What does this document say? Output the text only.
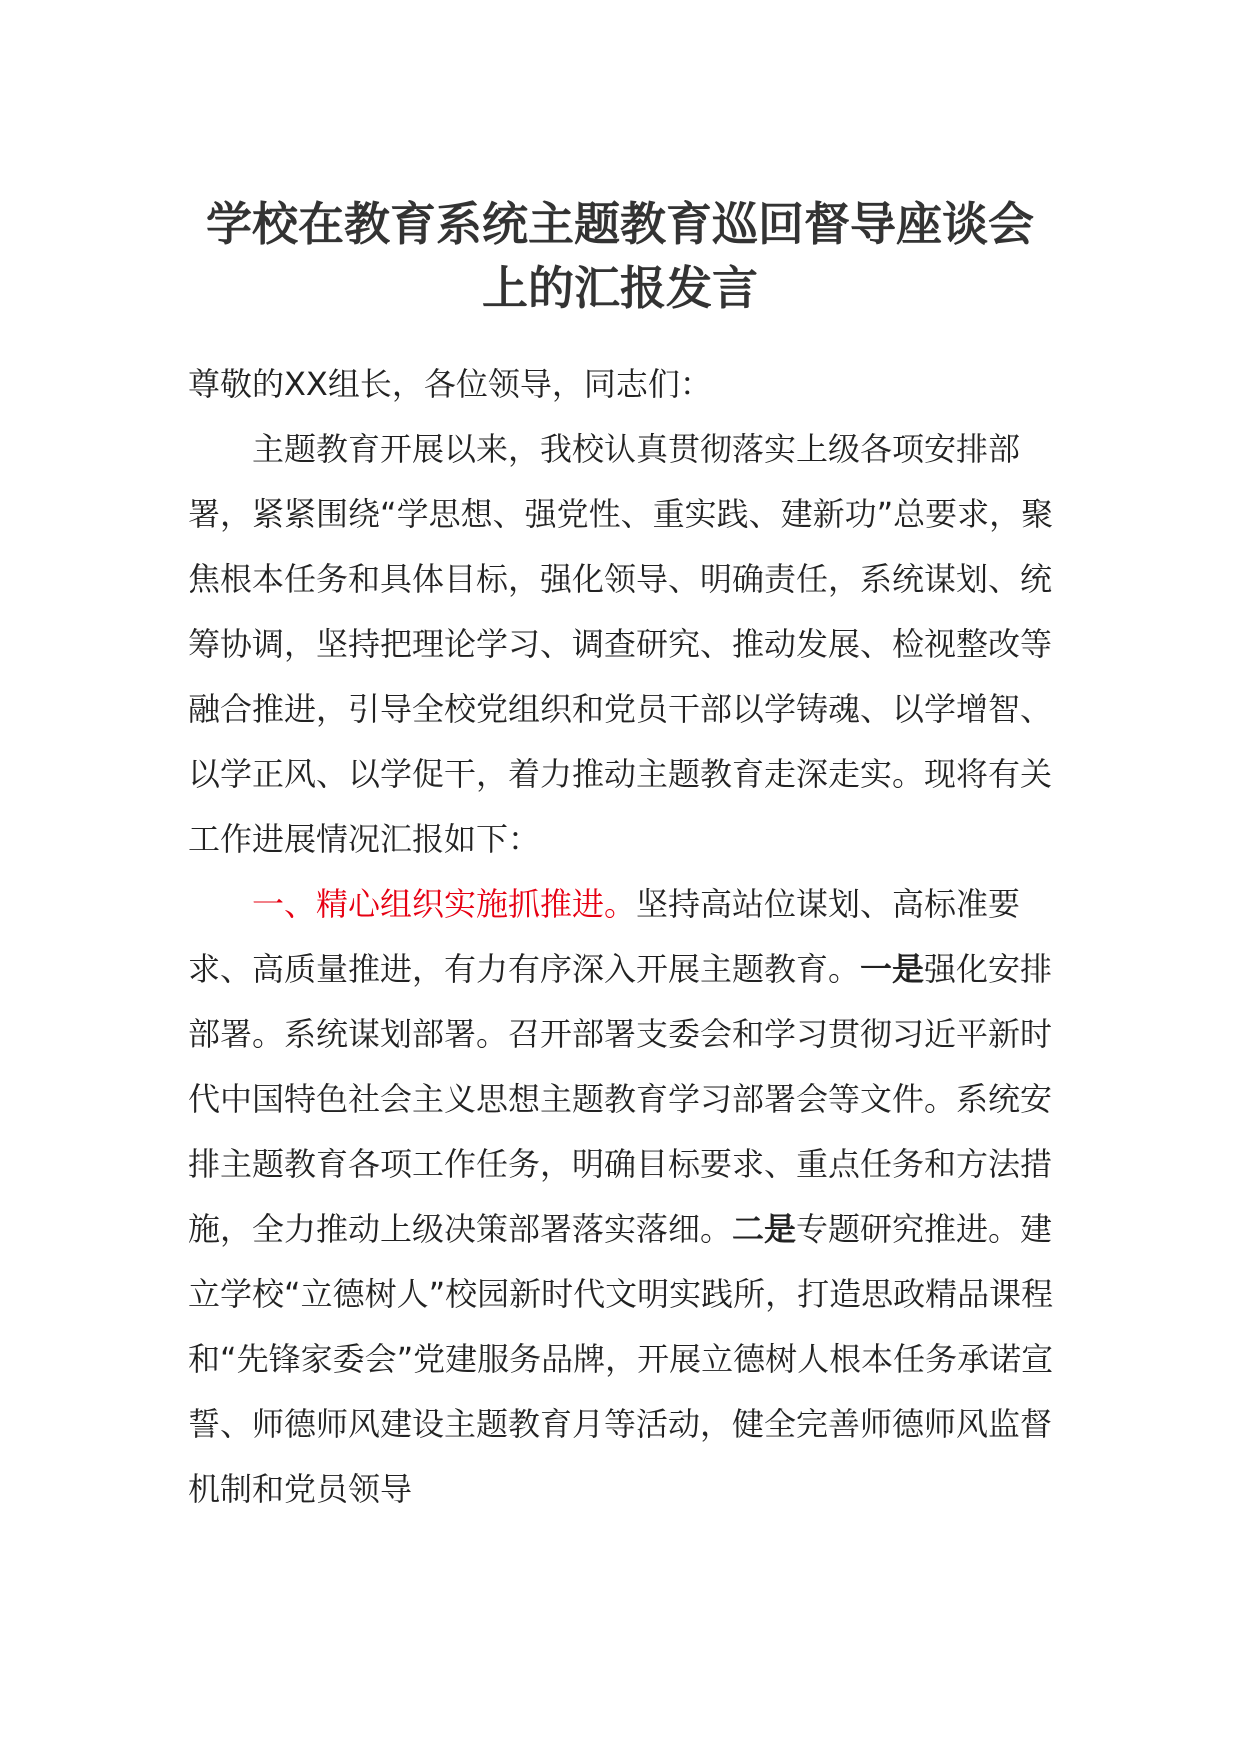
学校在教育系统主题教育巡回督导座谈会
上的汇报发言

尊敬的XX组长，各位领导，同志们：

主题教育开展以来，我校认真贯彻落实上级各项安排部署，紧紧围绕“学思想、强党性、重实践、建新功”总要求，聚焦根本任务和具体目标，强化领导、明确责任，系统谋划、统筹协调，坚持把理论学习、调查研究、推动发展、检视整改等融合推进，引导全校党组织和党员干部以学铸魂、以学增智、以学正风、以学促干，着力推动主题教育走深走实。现将有关工作进展情况汇报如下：

一、精心组织实施抓推进。坚持高站位谋划、高标准要求、高质量推进，有力有序深入开展主题教育。一是强化安排部署。系统谋划部署。召开部署支委会和学习贯彻习近平新时代中国特色社会主义思想主题教育学习部署会等文件。系统安排主题教育各项工作任务，明确目标要求、重点任务和方法措施，全力推动上级决策部署落实落细。二是专题研究推进。建立学校“立德树人”校园新时代文明实践所，打造思政精品课程和“先锋家委会”党建服务品牌，开展立德树人根本任务承诺宣誓、师德师风建设主题教育月等活动，健全完善师德师风监督机制和党员领导
